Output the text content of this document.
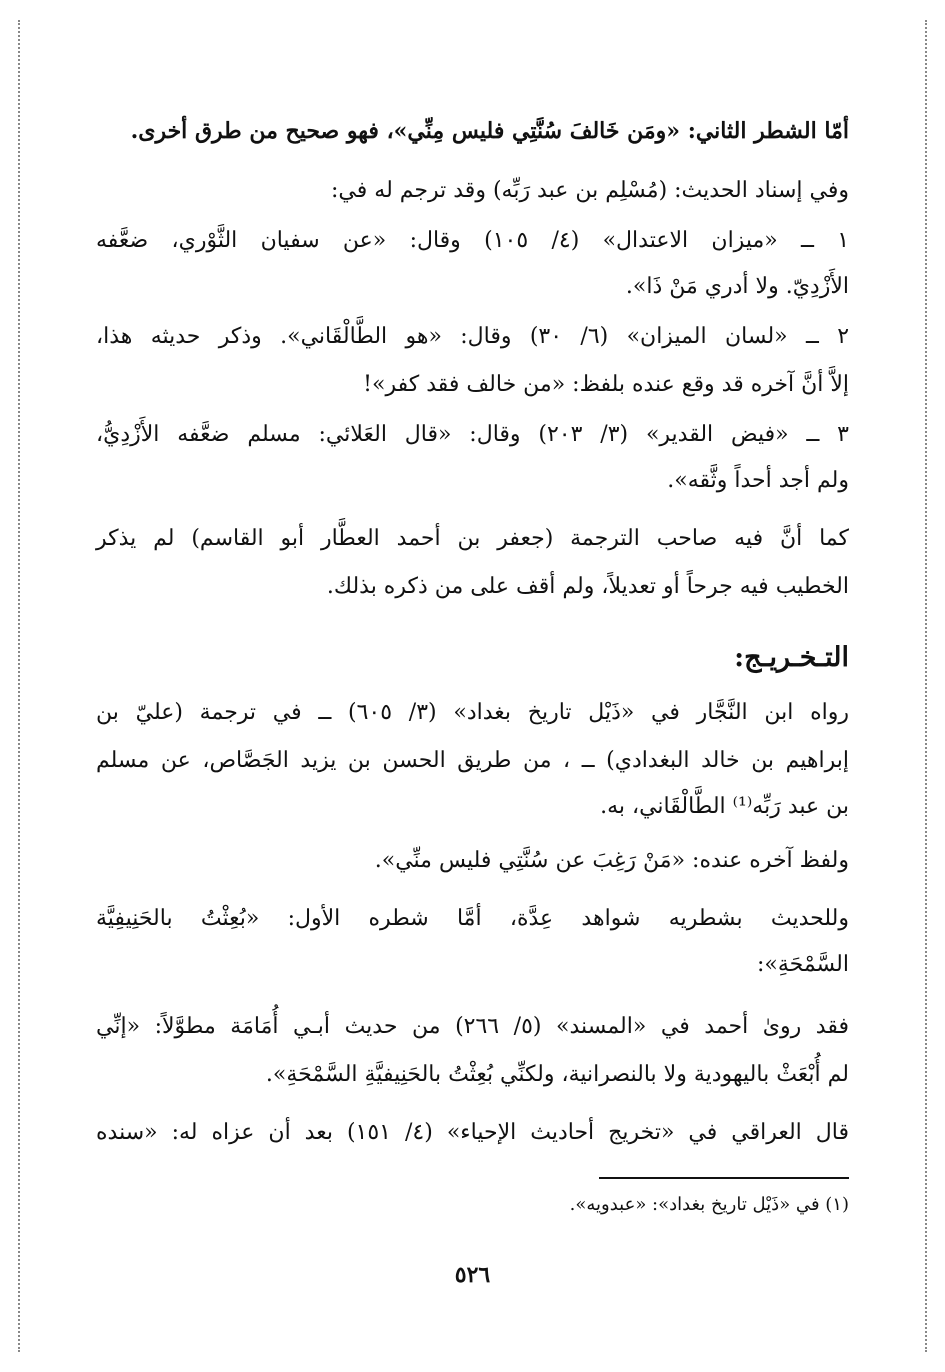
أمّا الشطر الثاني: «ومَن خَالفَ سُنَّتِي فليس مِنِّي»، فهو صحيح من طرق أخرى.
وفي إسناد الحديث: (مُسْلِم بن عبد رَبِّه) وقد ترجم له في:
١ ــ «ميزان الاعتدال» (٤/ ١٠٥) وقال: «عن سفيان الثَّوْري، ضعَّفه
الأَزْدِيّ. ولا أدري مَنْ ذَا».
٢ ــ «لسان الميزان» (٦/ ٣٠) وقال: «هو الطَّالْقَاني». وذكر حديثه هذا،
إلاَّ أنَّ آخره قد وقع عنده بلفظ: «من خالف فقد كفر»!
٣ ــ «فيض القدير» (٣/ ٢٠٣) وقال: «قال العَلائي: مسلم ضعَّفه الأَزْدِيُّ،
ولم أجد أحداً وثَّقه».
كما أنَّ فيه صاحب الترجمة (جعفر بن أحمد العطَّار أبو القاسم) لم يذكر
الخطيب فيه جرحاً أو تعديلاً، ولم أقف على من ذكره بذلك.
التـخـريـج:
رواه ابن النَّجَّار في «ذَيْل تاريخ بغداد» (٣/ ٦٠٥) ــ في ترجمة (عليّ بن
إبراهيم بن خالد البغدادي) ــ ، من طريق الحسن بن يزيد الجَصَّاص، عن مسلم
بن عبد رَبِّه⁽¹⁾ الطَّالْقَاني، به.
ولفظ آخره عنده: «مَنْ رَغِبَ عن سُنَّتِي فليس منِّي».
وللحديث بشطريه شواهد عِدَّة، أمَّا شطره الأول: «بُعِثْتُ بالحَنِيفِيَّة
السَّمْحَةِ»:
فقد روىٰ أحمد في «المسند» (٥/ ٢٦٦) من حديث أبـي أُمَامَة مطوَّلاً: «إنِّي
لم أُبْعَثْ باليهودية ولا بالنصرانية، ولكنِّي بُعِثْتُ بالحَنِيفيَّةِ السَّمْحَةِ».
قال العراقي في «تخريج أحاديث الإحياء» (٤/ ١٥١) بعد أن عزاه له: «سنده
(١) في «ذَيْل تاريخ بغداد»: «عبدويه».
٥٢٦
